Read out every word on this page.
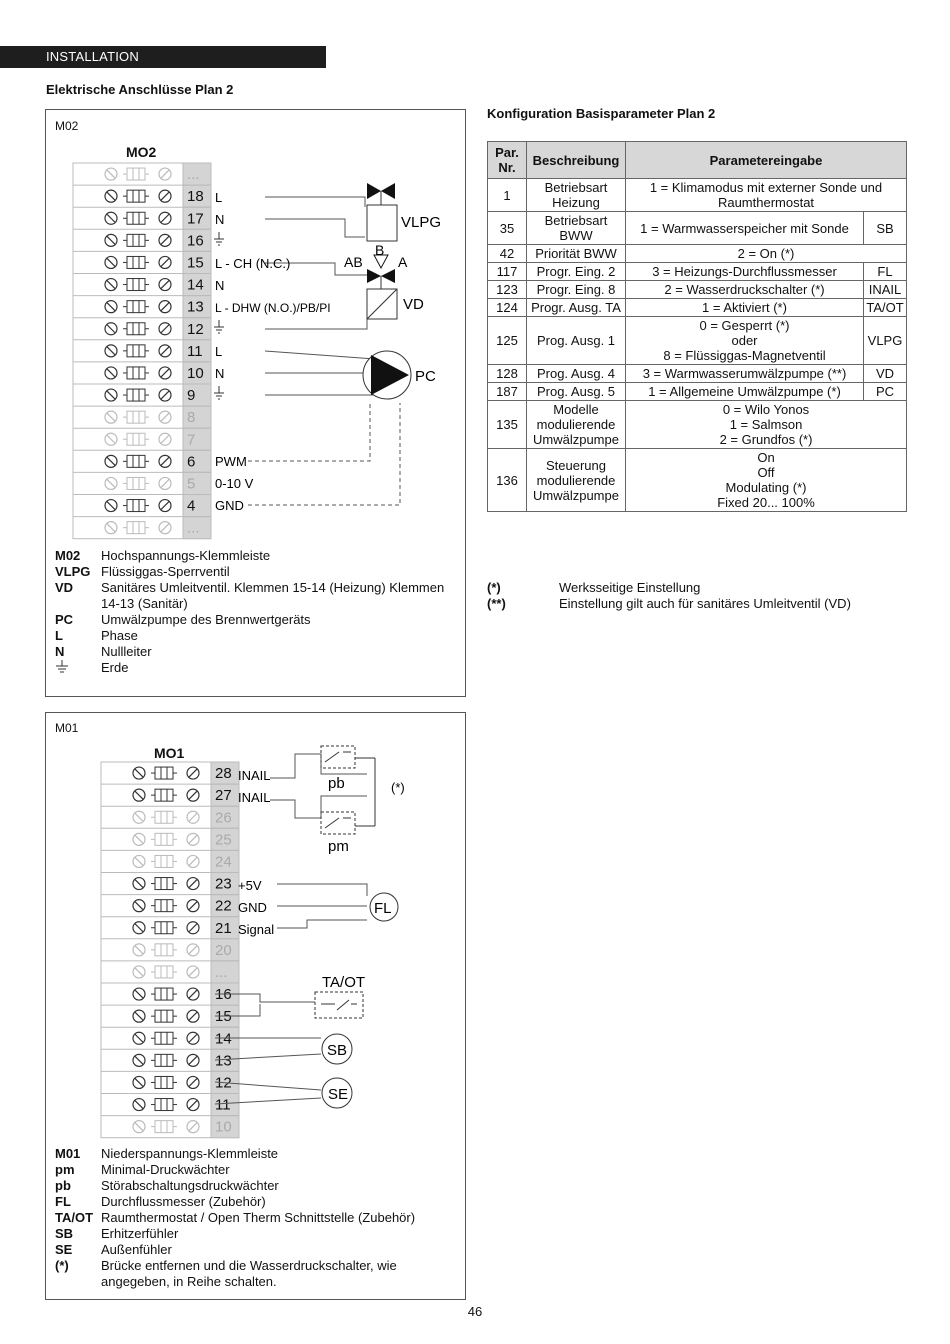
INSTALLATION
Elektrische Anschlüsse Plan 2
Konfiguration Basisparameter Plan 2
M02
MO2
...
18
17
16
15
14
13
12
11
10
9
8
7
6
5
4
...
VLPG
AB
B
A
VD
PC
L
N
L - CH (N.C.)
N
L - DHW (N.O.)/PB/PI
L
N
PWM
0-10 V
GND
M02	Hochspannungs-Klemmleiste
VLPG Flüssiggas-Sperrventil
VD	Sanitäres Umleitventil. Klemmen 15-14 (Heizung) Klemmen 14-13 (Sanitär)
PC	Umwälzpumpe des Brennwertgeräts
L	Phase
N	Nullleiter
Erde
M01
MO1
28
27
26
25
24
23
22
21
20
...
16
15
14
13
12
11
10
pb
pm
(*)
FL
TA/OT
SB
SE
INAIL
INAIL
+5V
GND
Signal
M01	Niederspannungs-Klemmleiste
pm	Minimal-Druckwächter
pb	Störabschaltungsdruckwächter
FL	Durchflussmesser (Zubehör)
TA/OT Raumthermostat / Open Therm Schnittstelle (Zubehör)
SB	Erhitzerfühler
SE	Außenfühler
(*)	Brücke entfernen und die Wasserdruckschalter, wie angegeben, in Reihe schalten.
Par. Nr.	Beschreibung	Parametereingabe	
1	Betriebsart Heizung	1 = Klimamodus mit externer Sonde und Raumthermostat	
35	Betriebsart BWW	1 = Warmwasserspeicher mit Sonde	SB
42	Priorität BWW	2 = On (*)	
117	Progr. Eing. 2	3 = Heizungs-Durchflussmesser	FL
123	Progr. Eing. 8	2 = Wasserdruckschalter (*)	INAIL
124	Progr. Ausg. TA	1 = Aktiviert (*)	TA/OT
125	Prog. Ausg. 1	0 = Gesperrt (*)
oder
8 = Flüssiggas-Magnetventil	VLPG
128	Prog. Ausg. 4	3 = Warmwasserumwälzpumpe (**)	VD
187	Prog. Ausg. 5	1 = Allgemeine Umwälzpumpe (*)	PC
135	Modelle modulierende Umwälzpumpe	0 = Wilo Yonos
1 = Salmson
2 = Grundfos (*)	
136	Steuerung modulierende Umwälzpumpe	On
Off
Modulating (*)
Fixed 20... 100%	
(*)	Werksseitige Einstellung
(**)	Einstellung gilt auch für sanitäres Umleitventil (VD)
46
